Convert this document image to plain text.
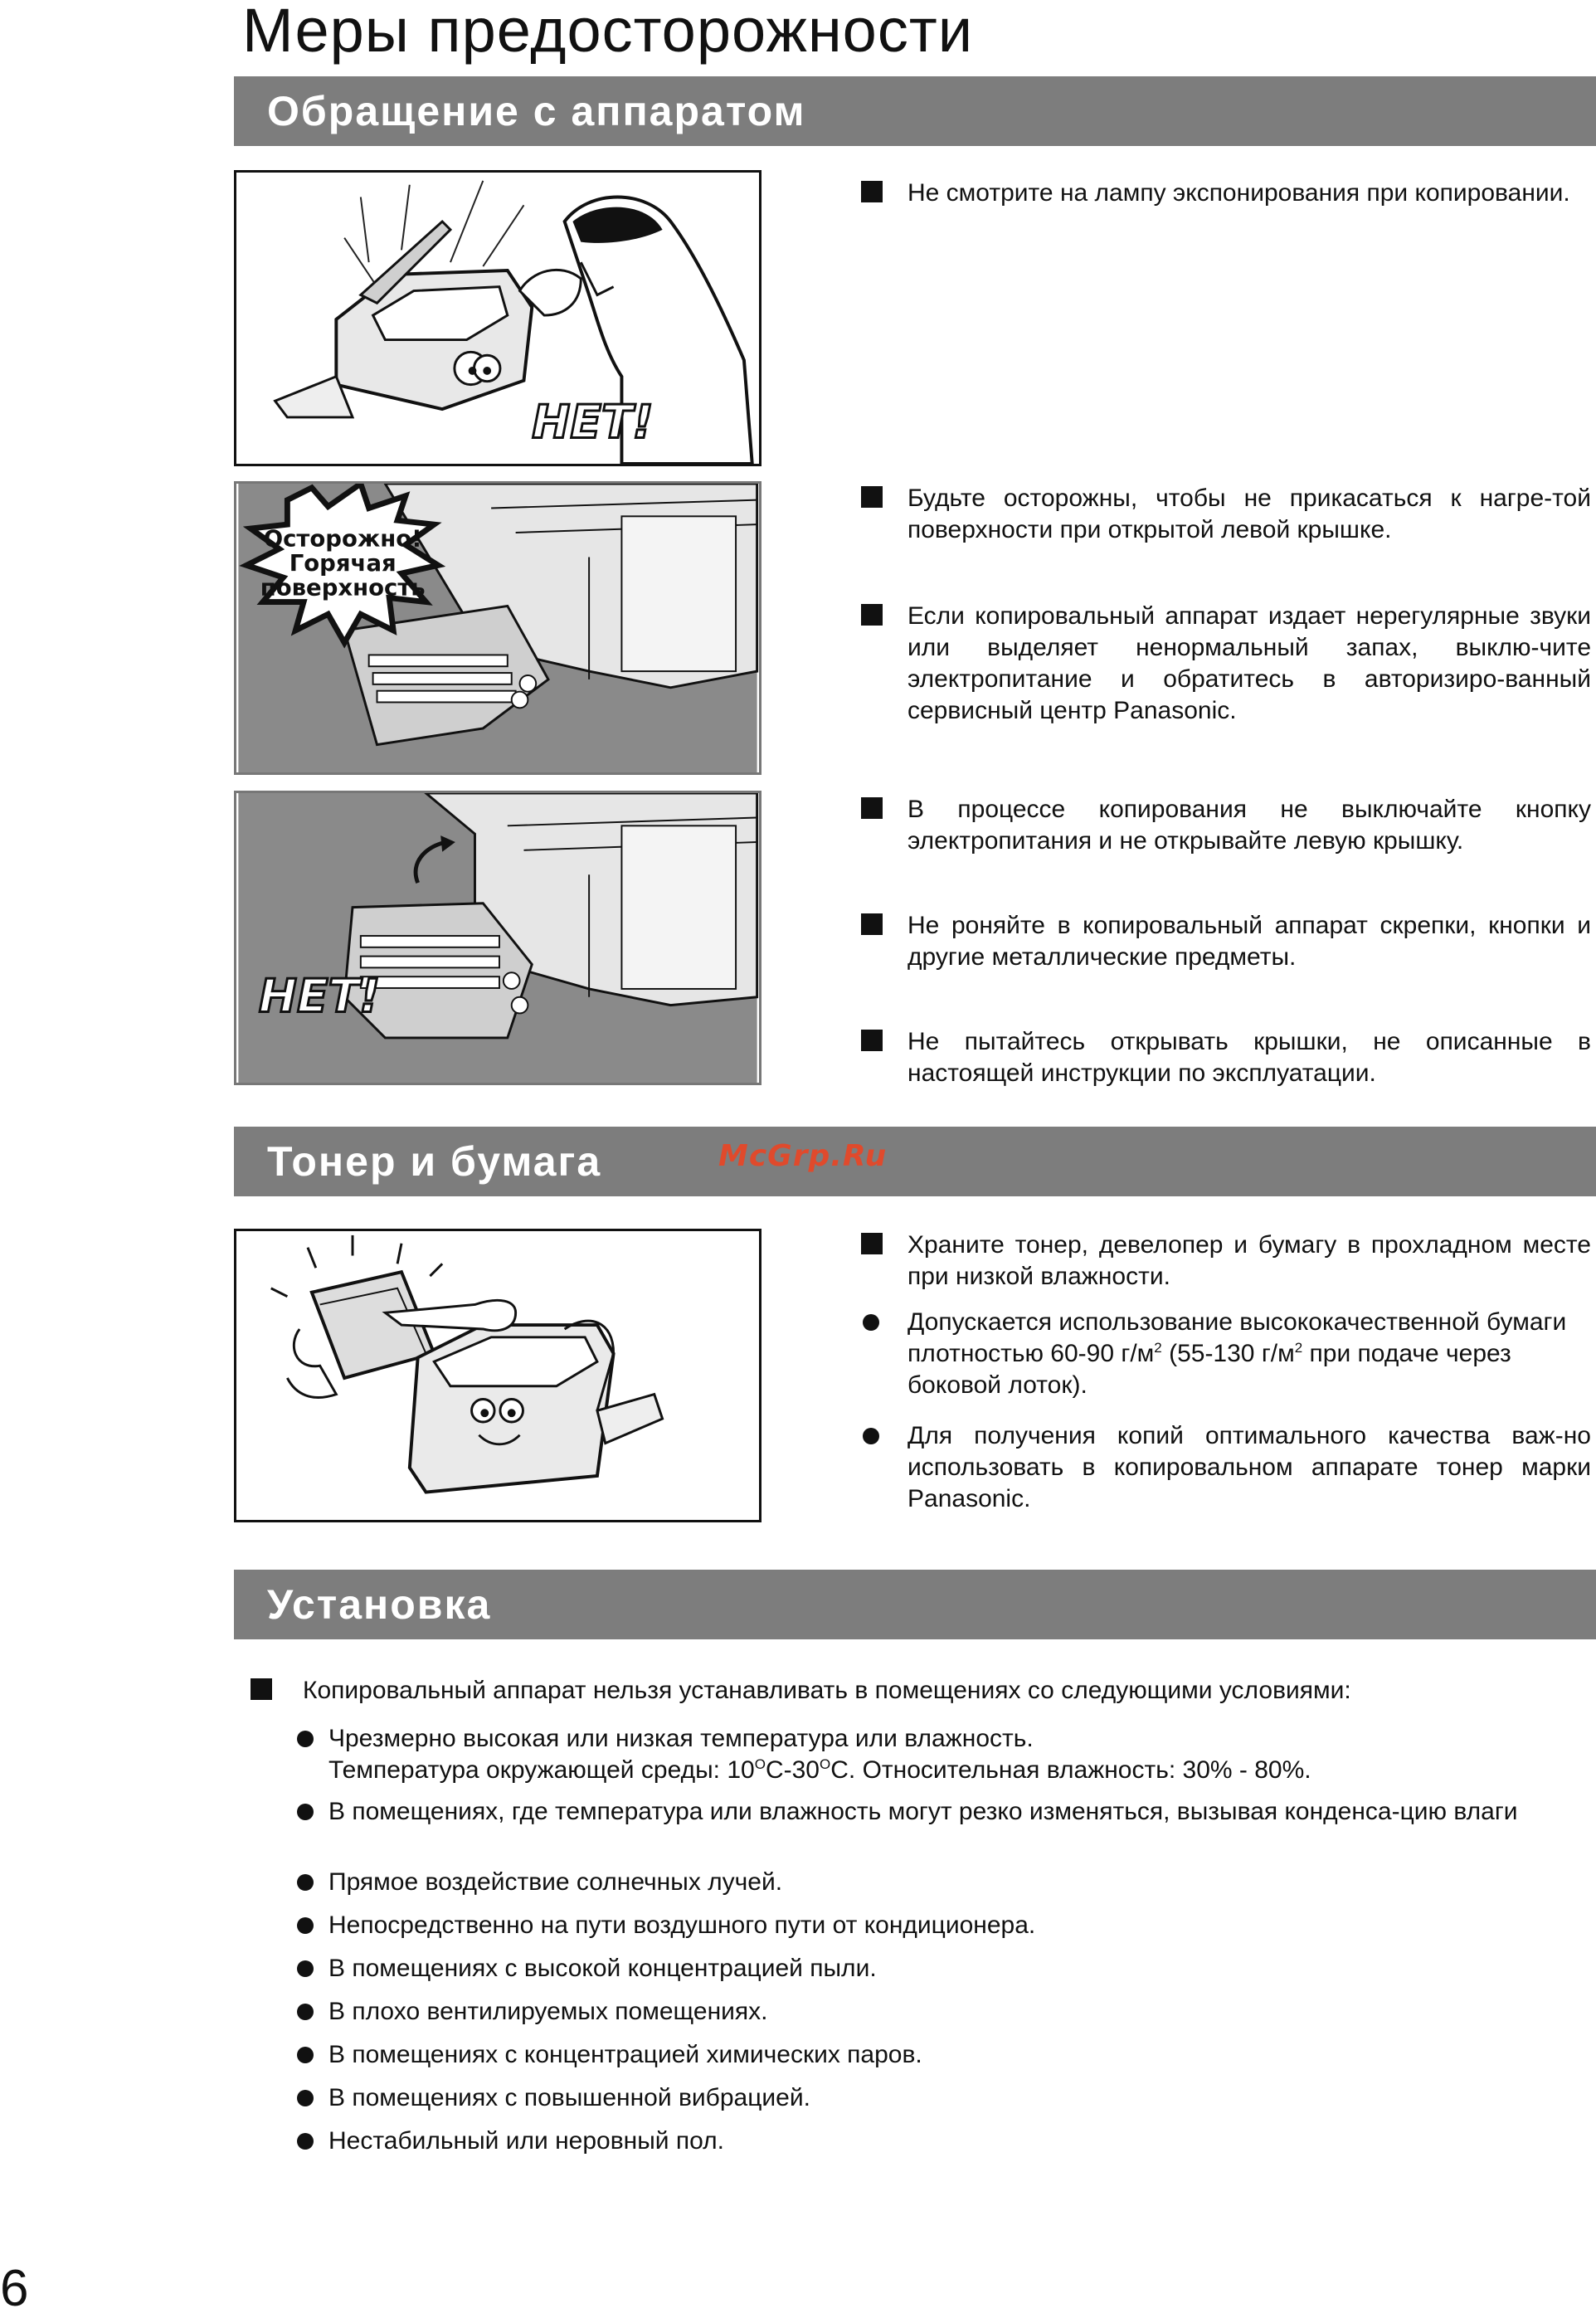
Меры предосторожности
Обращение с аппаратом
НЕТ!
Осторожно!
Горячая
поверхность
НЕТ!
Не смотрите на лампу экспонирования при копировании.
Будьте осторожны, чтобы не прикасаться к нагре-той поверхности при открытой левой крышке.
Если копировальный аппарат издает нерегулярные звуки или выделяет ненормальный запах, выклю-чите электропитание и обратитесь в авторизиро-ванный сервисный центр Panasonic.
В процессе копирования не выключайте кнопку электропитания и не открывайте левую крышку.
Не роняйте в копировальный аппарат скрепки, кнопки и другие металлические предметы.
Не пытайтесь открывать крышки, не описанные в настоящей инструкции по эксплуатации.
Тонер и бумага	McGrp.Ru
Храните тонер, девелопер и бумагу в прохладном месте при низкой влажности.
Допускается использование высококачественной бумаги плотностью 60-90 $г/м^2$ (55-130 $г/м^2$ при подаче через боковой лоток).
Для получения копий оптимального качества важ-но использовать в копировальном аппарате тонер марки Panasonic.
Установка
Копировальный аппарат нельзя устанавливать в помещениях со следующими условиями:
Чрезмерно высокая или низкая температура или влажность.
Температура окружающей среды: $10^OC-30^OC$. Относительная влажность: 30% - 80%.
В помещениях, где температура или влажность могут резко изменяться, вызывая конденса-цию влаги
Прямое воздействие солнечных лучей.
Непосредственно на пути воздушного пути от кондиционера.
В помещениях с высокой концентрацией пыли.
В плохо вентилируемых помещениях.
В помещениях с концентрацией химических паров.
В помещениях с повышенной вибрацией.
Нестабильный или неровный пол.
6
